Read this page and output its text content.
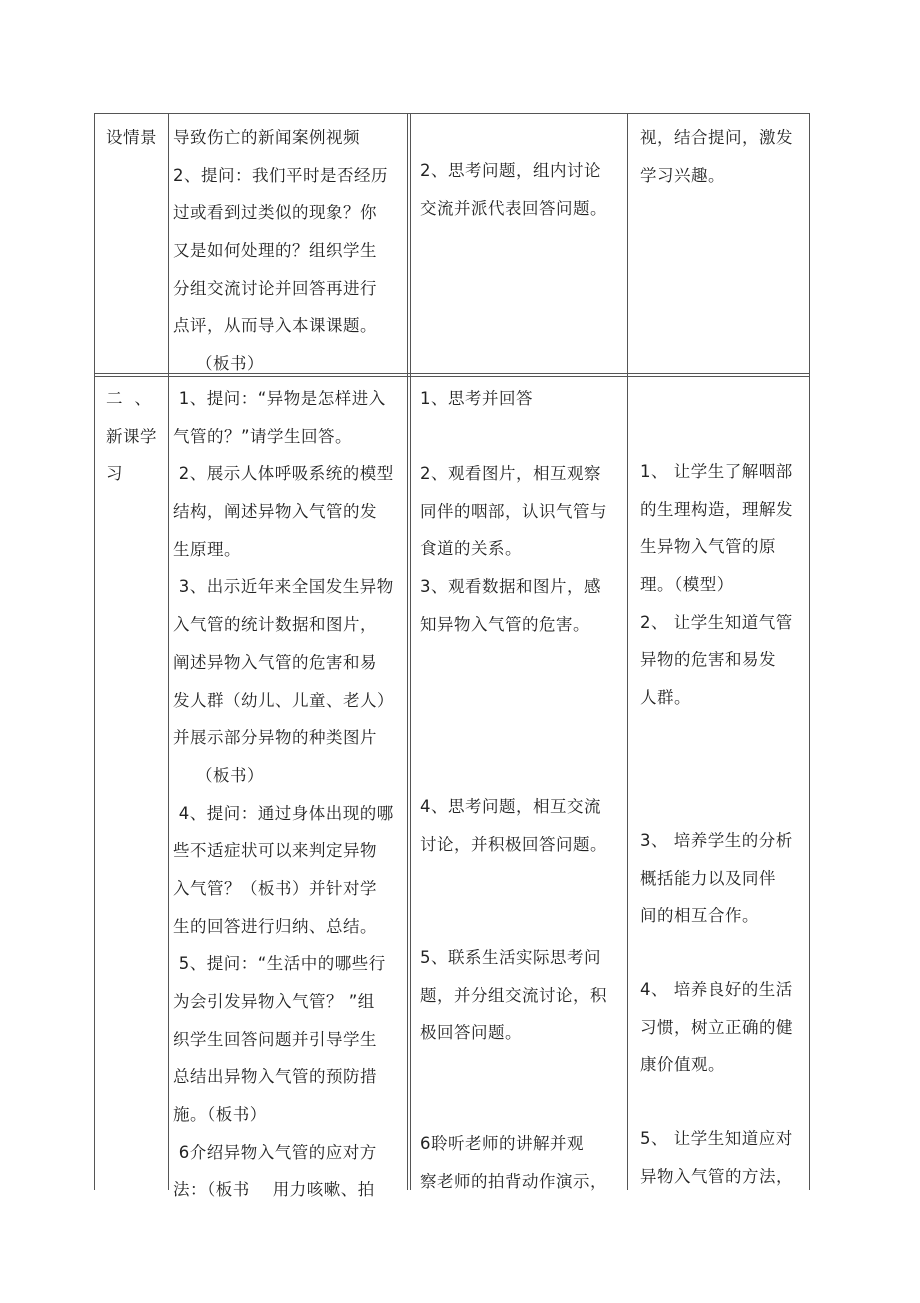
设情景 导致伤亡的新闻案例视频
2、提问：我们平时是否经历
过或看到过类似的现象？你
又是如何处理的？组织学生
分组交流讨论并回答再进行
点评，从而导入本课课题。
（板书）
2、思考问题，组内讨论
交流并派代表回答问题。
视，结合提问，激发
学习兴趣。
二  、
新课学
习
1、提问：“异物是怎样进入
气管的？”请学生回答。
2、展示人体呼吸系统的模型
结构，阐述异物入气管的发
生原理。
3、出示近年来全国发生异物
入气管的统计数据和图片，
阐述异物入气管的危害和易
发人群（幼儿、儿童、老人）
并展示部分异物的种类图片
（板书）
4、提问：通过身体出现的哪
些不适症状可以来判定异物
入气管？（板书）并针对学
生的回答进行归纳、总结。
5、提问：“生活中的哪些行
为会引发异物入气管？ ”组
织学生回答问题并引导学生
总结出异物入气管的预防措
施。（板书）
6介绍异物入气管的应对方
法：（板书    用力咳嗽、拍
1、思考并回答
2、观看图片，相互观察
同伴的咽部，认识气管与
食道的关系。
3、观看数据和图片，感
知异物入气管的危害。
4、思考问题，相互交流
讨论，并积极回答问题。
5、联系生活实际思考问
题，并分组交流讨论，积
极回答问题。
6聆听老师的讲解并观
察老师的拍背动作演示，
1、 让学生了解咽部
的生理构造，理解发
生异物入气管的原
理。（模型）
2、 让学生知道气管
异物的危害和易发
人群。
3、 培养学生的分析
概括能力以及同伴
间的相互合作。
4、 培养良好的生活
习惯，树立正确的健
康价值观。
5、 让学生知道应对
异物入气管的方法，
